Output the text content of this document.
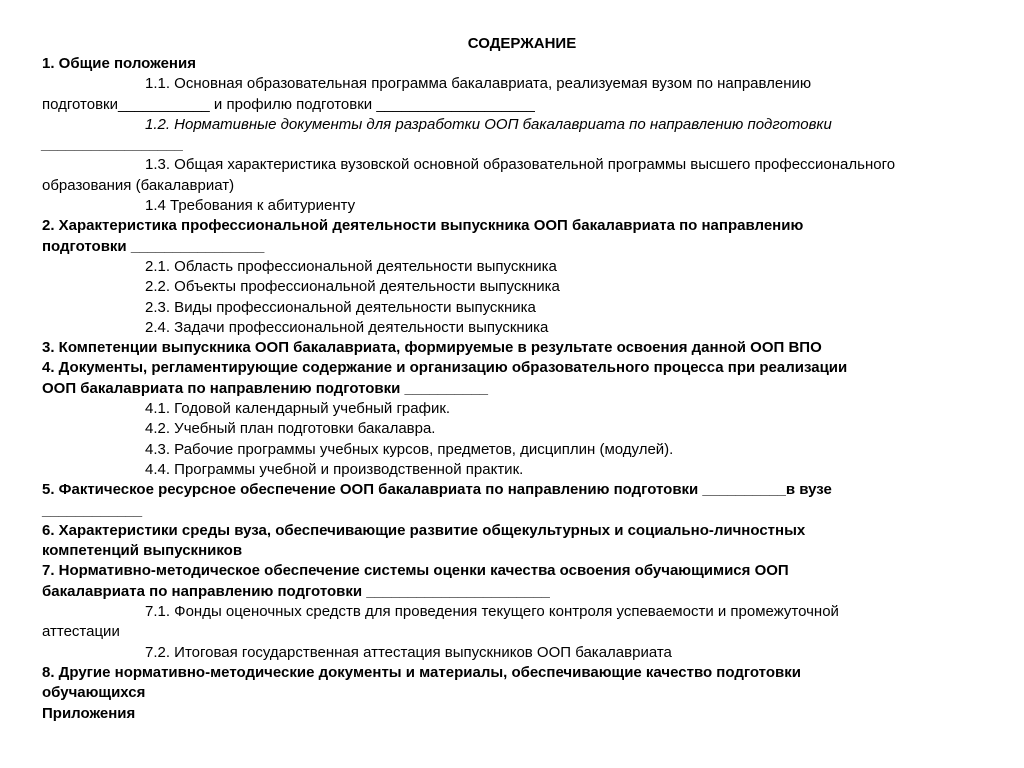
СОДЕРЖАНИЕ
1. Общие положения
1.1. Основная образовательная программа бакалавриата, реализуемая вузом по направлению
подготовки___________ и профилю подготовки ___________________
1.2. Нормативные документы для разработки ООП бакалавриата по направлению подготовки
_________________
1.3. Общая характеристика вузовской основной образовательной программы высшего профессионального
образования (бакалавриат)
1.4 Требования к абитуриенту
2. Характеристика профессиональной деятельности выпускника ООП бакалавриата по направлению
подготовки ________________
2.1. Область профессиональной деятельности выпускника
2.2. Объекты профессиональной деятельности выпускника
2.3. Виды профессиональной деятельности выпускника
2.4. Задачи профессиональной деятельности выпускника
3. Компетенции выпускника ООП бакалавриата, формируемые в результате освоения данной ООП ВПО
4. Документы, регламентирующие содержание и организацию образовательного процесса при реализации
ООП бакалавриата по направлению подготовки __________
4.1. Годовой календарный учебный график.
4.2. Учебный план подготовки бакалавра.
4.3. Рабочие программы учебных курсов, предметов, дисциплин (модулей).
4.4. Программы учебной и производственной практик.
5. Фактическое ресурсное обеспечение ООП бакалавриата по направлению подготовки __________в вузе
____________
6. Характеристики среды вуза, обеспечивающие развитие общекультурных и социально-личностных
компетенций выпускников
7. Нормативно-методическое обеспечение системы оценки качества освоения обучающимися ООП
бакалавриата по направлению подготовки ______________________
7.1. Фонды оценочных средств для проведения текущего контроля успеваемости и промежуточной
аттестации
7.2. Итоговая государственная аттестация выпускников ООП бакалавриата
8. Другие нормативно-методические документы и материалы, обеспечивающие качество подготовки
обучающихся
Приложения
